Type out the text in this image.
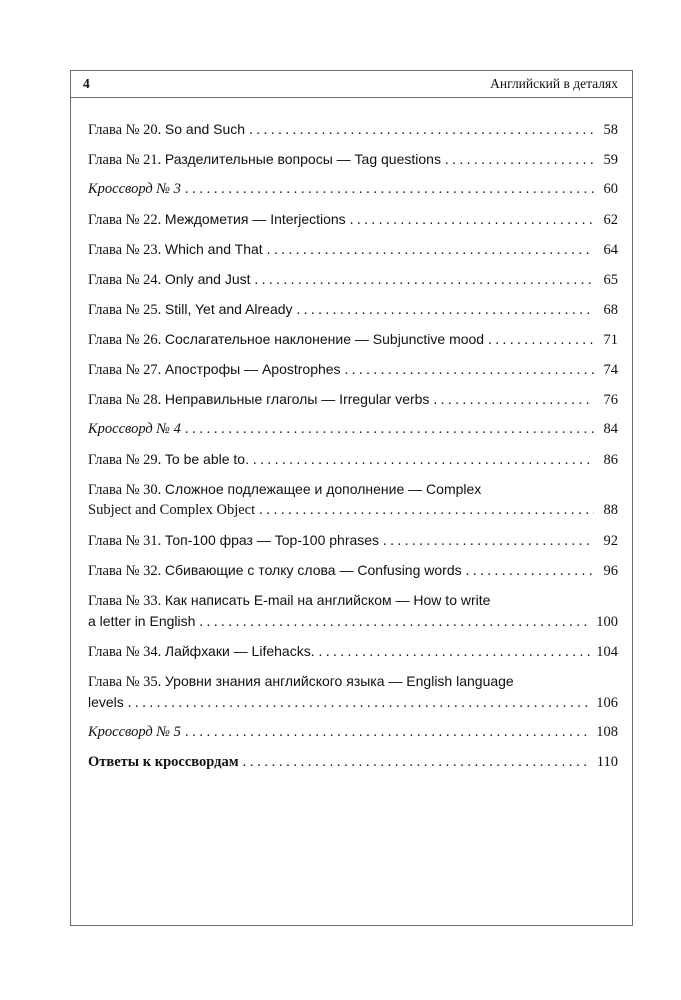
4	Английский в деталях
Глава № 20. So and Such . . .	58
Глава № 21. Разделительные вопросы — Tag questions . . .	59
Кроссворд № 3 . . .	60
Глава № 22. Междометия — Interjections . . .	62
Глава № 23. Which and That . . .	64
Глава № 24. Only and Just . . .	65
Глава № 25. Still, Yet and Already . . .	68
Глава № 26. Сослагательное наклонение — Subjunctive mood . . .	71
Глава № 27. Апострофы — Apostrophes . . .	74
Глава № 28. Неправильные глаголы — Irregular verbs . . .	76
Кроссворд № 4 . . .	84
Глава № 29. To be able to. . . .	86
Глава № 30. Сложное подлежащее и дополнение — Complex
Subject and Complex Object . . .	88
Глава № 31. Топ-100 фраз — Top-100 phrases . . .	92
Глава № 32. Сбивающие с толку слова — Confusing words . . .	96
Глава № 33. Как написать E-mail на английском — How to write
a letter in English . . .	100
Глава № 34. Лайфхаки — Lifehacks. . . .	104
Глава № 35. Уровни знания английского языка — English language
levels . . .	106
Кроссворд № 5 . . .	108
Ответы к кроссвордам . . .	110
